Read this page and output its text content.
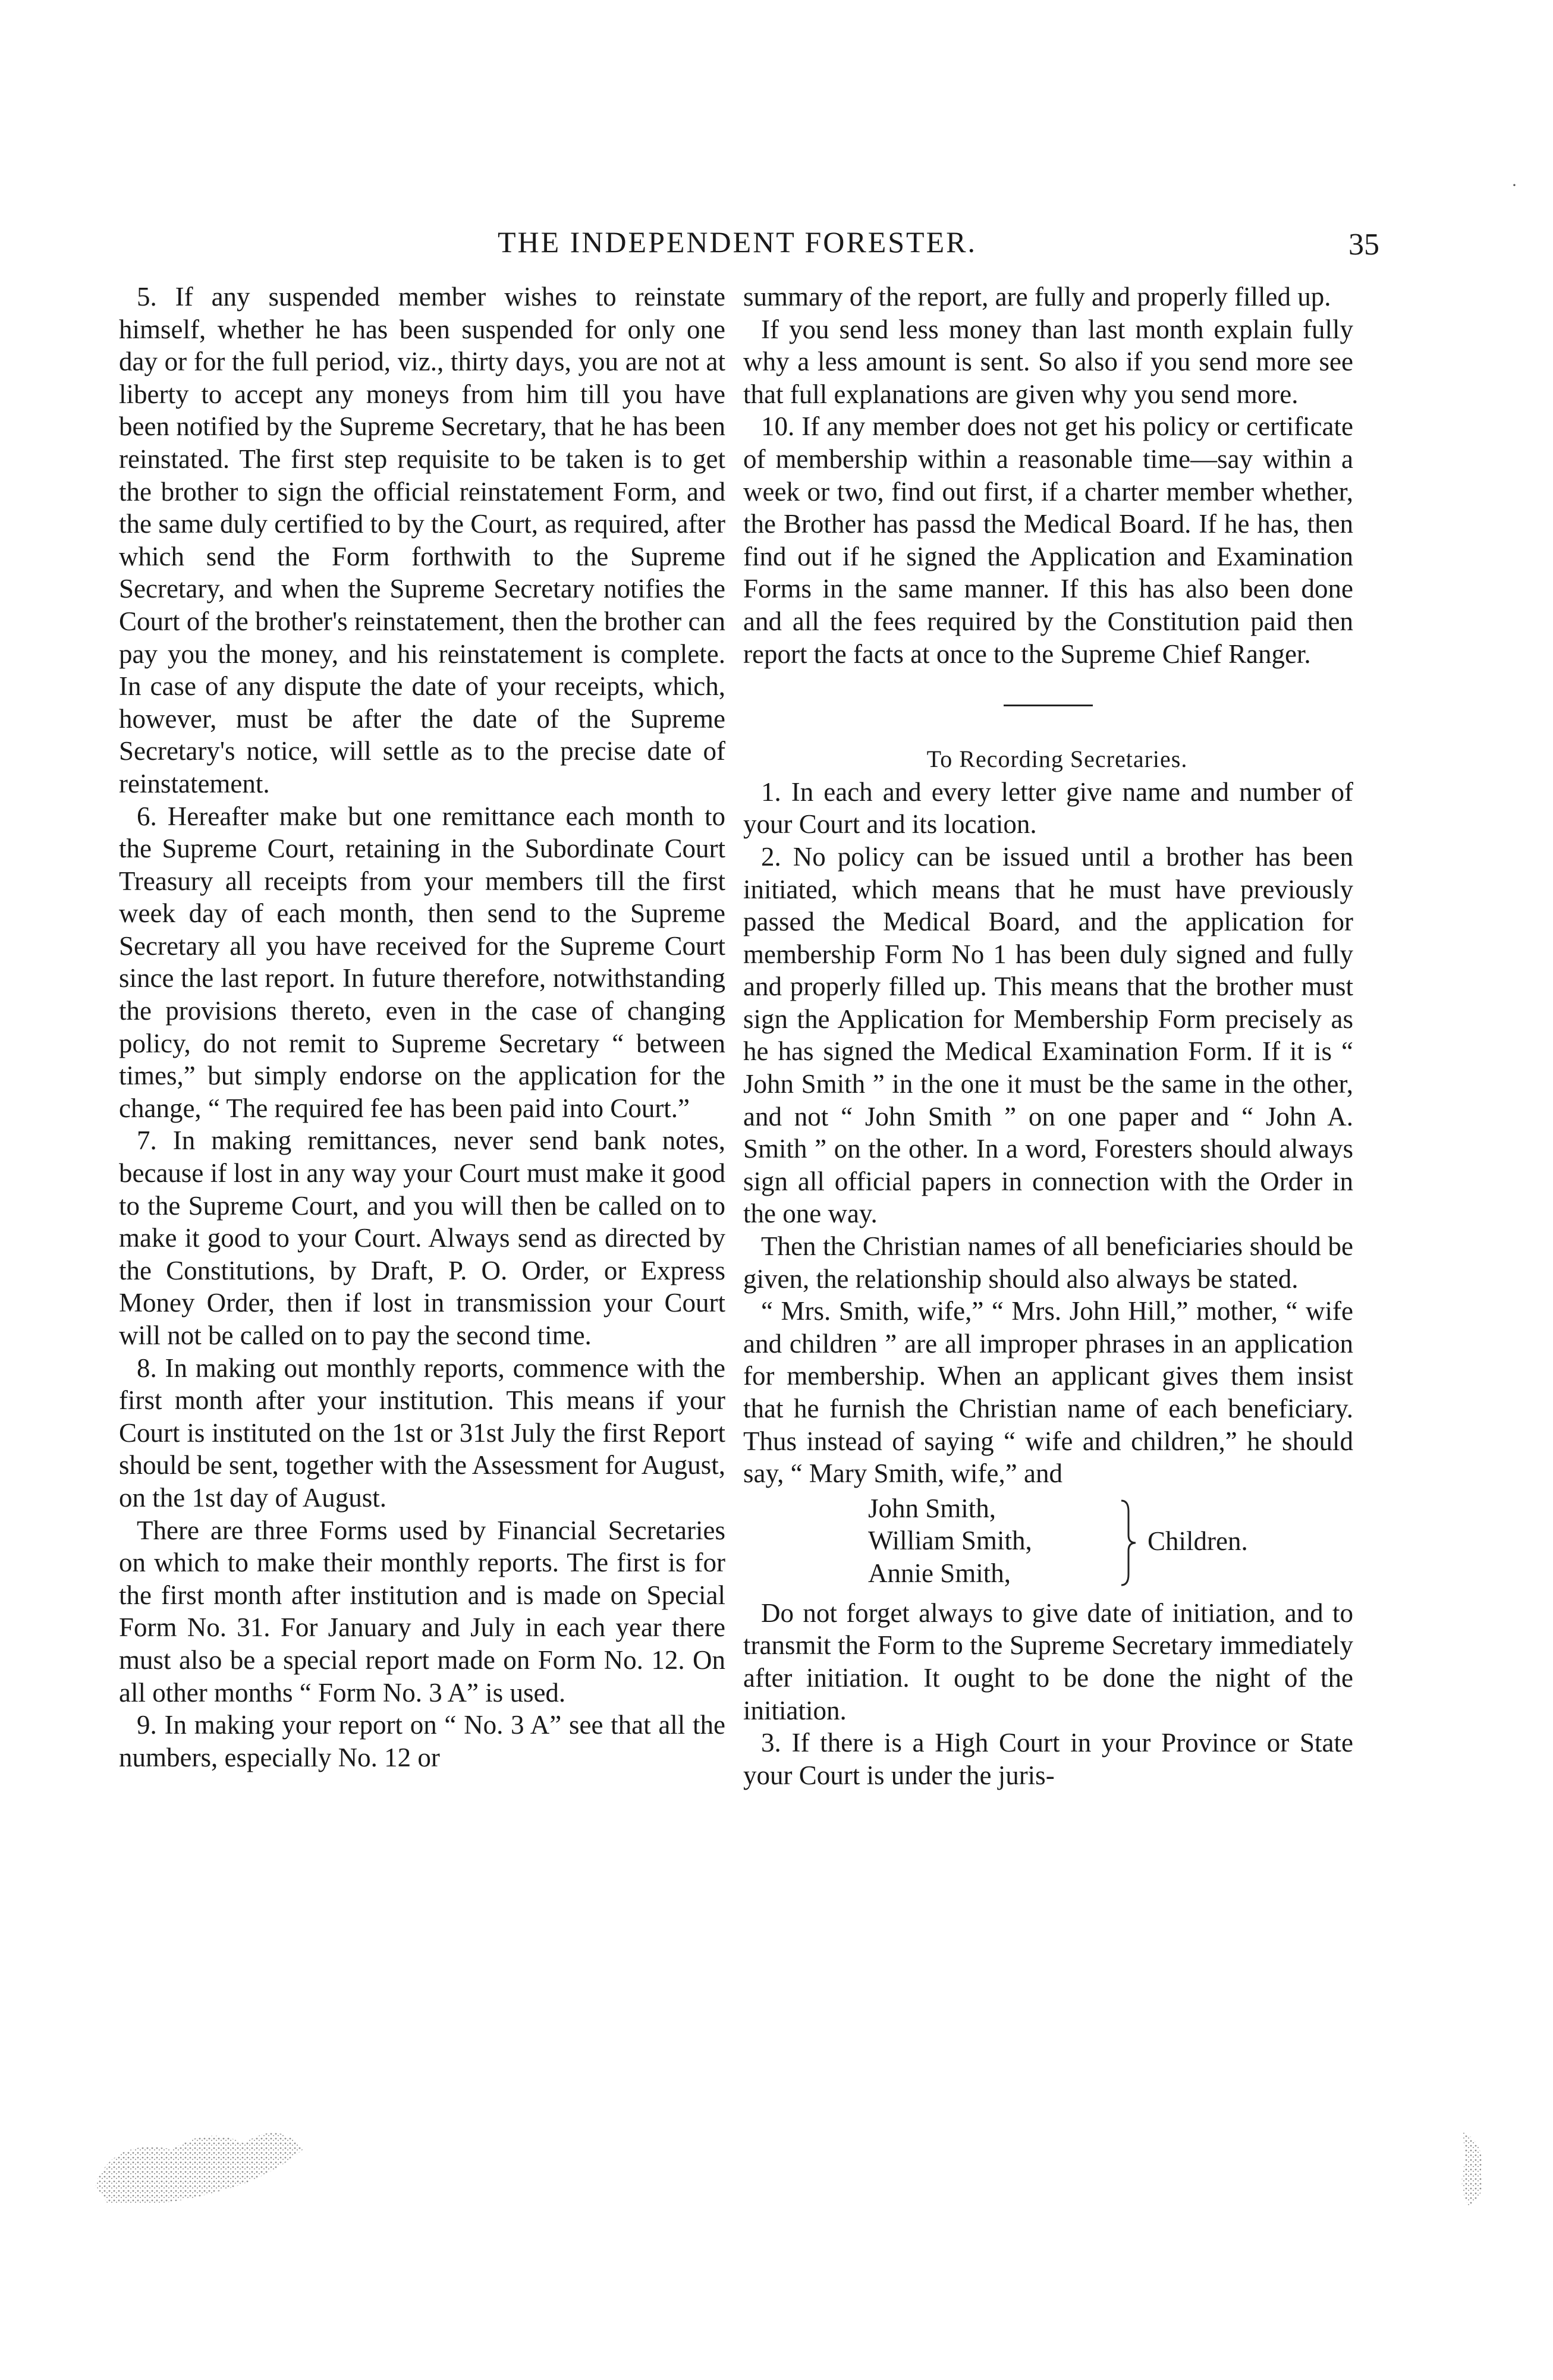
THE INDEPENDENT FORESTER.	35
·

5. If any suspended member wishes to reinstate himself, whether he has been suspended for only one day or for the full period, viz., thirty days, you are not at liberty to accept any moneys from him till you have been notified by the Supreme Secretary, that he has been reinstated. The first step requisite to be taken is to get the brother to sign the official reinstatement Form, and the same duly certified to by the Court, as required, after which send the Form forthwith to the Supreme Secretary, and when the Supreme Secretary notifies the Court of the brother's reinstatement, then the brother can pay you the money, and his reinstatement is complete. In case of any dispute the date of your receipts, which, however, must be after the date of the Supreme Secretary's notice, will settle as to the precise date of reinstatement.

6. Hereafter make but one remittance each month to the Supreme Court, retaining in the Subordinate Court Treasury all receipts from your members till the first week day of each month, then send to the Supreme Secretary all you have received for the Supreme Court since the last report. In future therefore, notwithstanding the provisions thereto, even in the case of changing policy, do not remit to Supreme Secretary “ between times,” but simply endorse on the application for the change, “ The required fee has been paid into Court.”

7. In making remittances, never send bank notes, because if lost in any way your Court must make it good to the Supreme Court, and you will then be called on to make it good to your Court. Always send as directed by the Constitutions, by Draft, P. O. Order, or Express Money Order, then if lost in transmission your Court will not be called on to pay the second time.

8. In making out monthly reports, commence with the first month after your institution. This means if your Court is instituted on the 1st or 31st July the first Report should be sent, together with the Assessment for August, on the 1st day of August.

There are three Forms used by Financial Secretaries on which to make their monthly reports. The first is for the first month after institution and is made on Special Form No. 31. For January and July in each year there must also be a special report made on Form No. 12. On all other months “ Form No. 3 A” is used.

9. In making your report on “ No. 3 A” see that all the numbers, especially No. 12 or

summary of the report, are fully and properly filled up.

If you send less money than last month explain fully why a less amount is sent. So also if you send more see that full explanations are given why you send more.

10. If any member does not get his policy or certificate of membership within a reasonable time—say within a week or two, find out first, if a charter member whether, the Brother has passd the Medical Board. If he has, then find out if he signed the Application and Examination Forms in the same manner. If this has also been done and all the fees required by the Constitution paid then report the facts at once to the Supreme Chief Ranger.

To Recording Secretaries.

1. In each and every letter give name and number of your Court and its location.

2. No policy can be issued until a brother has been initiated, which means that he must have previously passed the Medical Board, and the application for membership Form No 1 has been duly signed and fully and properly filled up. This means that the brother must sign the Application for Membership Form precisely as he has signed the Medical Examination Form. If it is “ John Smith ” in the one it must be the same in the other, and not “ John Smith ” on one paper and “ John A. Smith ” on the other. In a word, Foresters should always sign all official papers in connection with the Order in the one way.

Then the Christian names of all beneficiaries should be given, the relationship should also always be stated.

“ Mrs. Smith, wife,” “ Mrs. John Hill,” mother, “ wife and children ” are all improper phrases in an application for membership. When an applicant gives them insist that he furnish the Christian name of each beneficiary. Thus instead of saying “ wife and children,” he should say, “ Mary Smith, wife,” and

John Smith,
William Smith,
Annie Smith,
Children.

Do not forget always to give date of initiation, and to transmit the Form to the Supreme Secretary immediately after initiation. It ought to be done the night of the initiation.

3. If there is a High Court in your Province or State your Court is under the juris-
